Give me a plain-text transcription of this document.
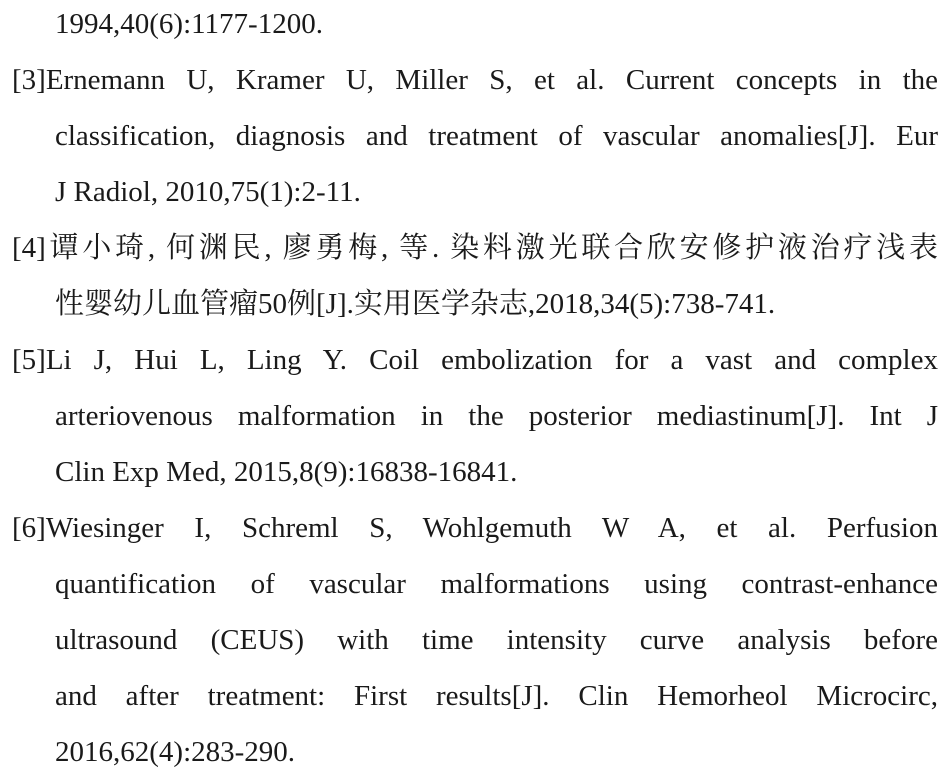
1994,40(6):1177-1200.
[3]Ernemann U, Kramer U, Miller S, et al. Current concepts in the
classification, diagnosis and treatment of vascular anomalies[J]. Eur
J Radiol, 2010,75(1):2-11.
[4]谭小琦, 何渊民, 廖勇梅, 等. 染料激光联合欣安修护液治疗浅表
性婴幼儿血管瘤50例[J].实用医学杂志,2018,34(5):738-741.
[5]Li J, Hui L, Ling Y. Coil embolization for a vast and complex
arteriovenous malformation in the posterior mediastinum[J]. Int J
Clin Exp Med, 2015,8(9):16838-16841.
[6]Wiesinger I, Schreml S, Wohlgemuth W A, et al. Perfusion
quantification of vascular malformations using contrast-enhance
ultrasound (CEUS) with time intensity curve analysis before
and after treatment: First results[J]. Clin Hemorheol Microcirc,
2016,62(4):283-290.
